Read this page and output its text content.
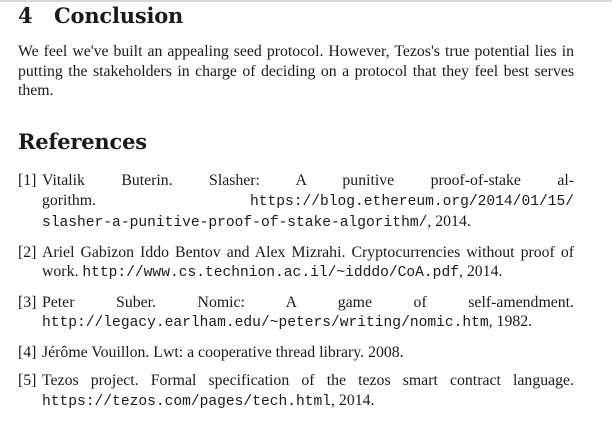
4 Conclusion

We feel we've built an appealing seed protocol. However, Tezos's true potential lies in putting the stakeholders in charge of deciding on a protocol that they feel best serves them.

References
[1] Vitalik Buterin. Slasher: A punitive proof-of-stake al-
gorithm.	https://blog.ethereum.org/2014/01/15/
slasher-a-punitive-proof-of-stake-algorithm/, 2014.
[2] Ariel Gabizon Iddo Bentov and Alex Mizrahi. Cryptocurrencies without proof of work. http://www.cs.technion.ac.il/~idddo/CoA.pdf, 2014.
[3] Peter Suber. Nomic: A game of self-amendment. http://legacy.earlham.edu/~peters/writing/nomic.htm, 1982.
[4] Jérôme Vouillon. Lwt: a cooperative thread library. 2008.
[5] Tezos project. Formal specification of the tezos smart contract language. https://tezos.com/pages/tech.html, 2014.
